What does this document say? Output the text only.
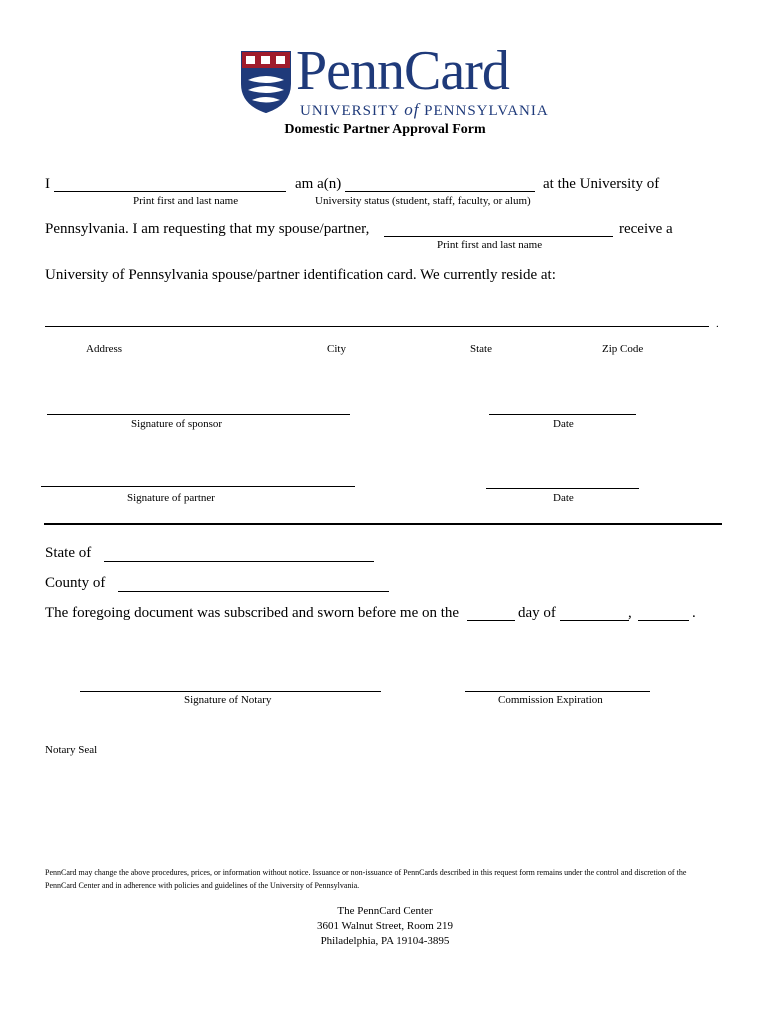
PennCard
UNIVERSITY of PENNSYLVANIA
Domestic Partner Approval Form
I	am a(n)	at the University of
Print first and last name	University status (student, staff, faculty, or alum)
Pennsylvania. I am requesting that my spouse/partner,	receive a
Print first and last name
University of Pennsylvania spouse/partner identification card. We currently reside at:
.
Address	City	State	Zip Code
Signature of sponsor	Date
Signature of partner	Date
State of
County of
The foregoing document was subscribed and sworn before me on the	day of	,	.
Signature of Notary	Commission Expiration
Notary Seal
PennCard may change the above procedures, prices, or information without notice. Issuance or non-issuance of PennCards described in this request form remains under the control and discretion of the PennCard Center and in adherence with policies and guidelines of the University of Pennsylvania.
The PennCard Center
3601 Walnut Street, Room 219
Philadelphia, PA 19104-3895
